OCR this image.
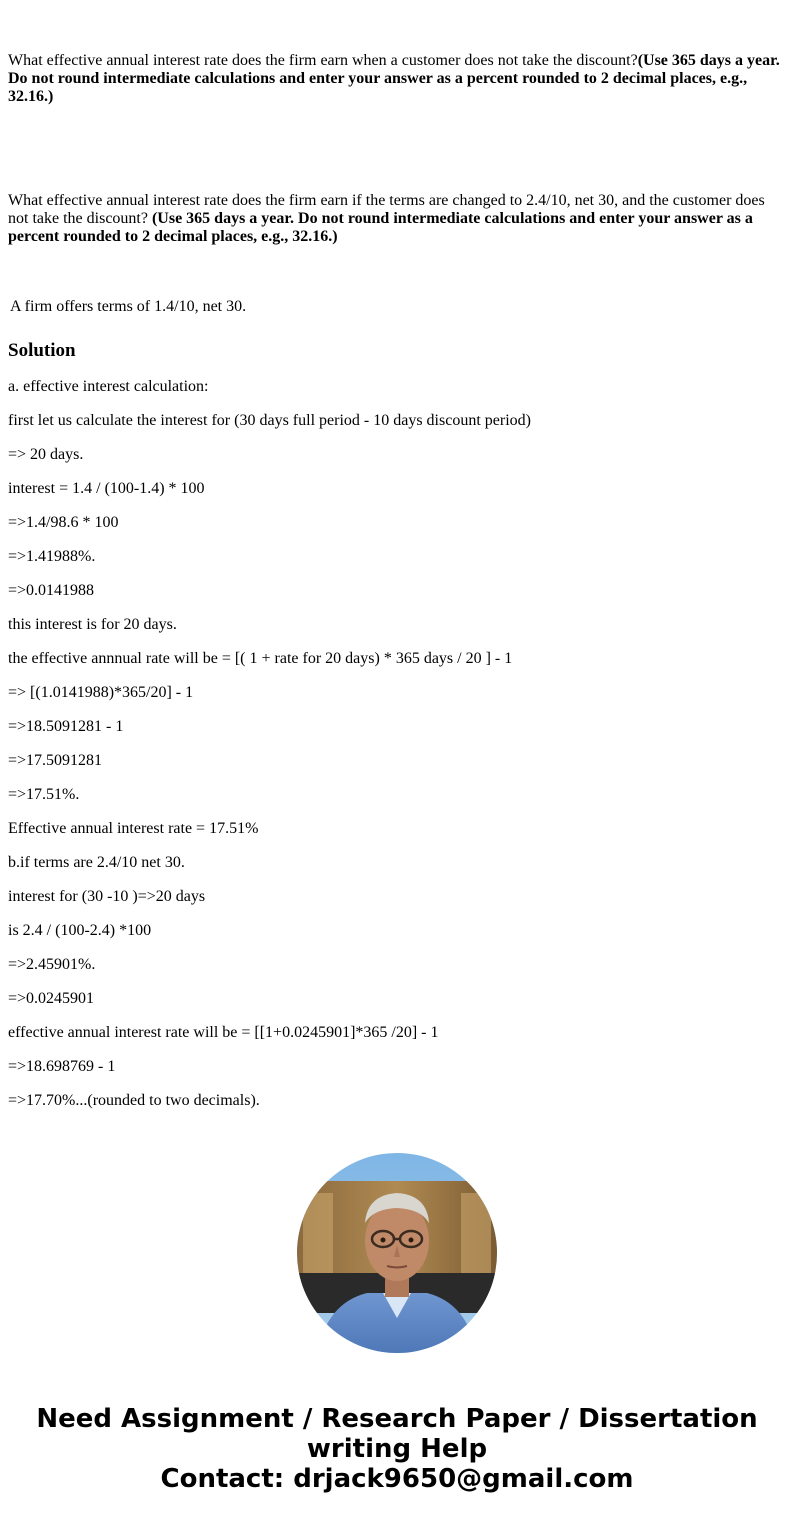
What effective annual interest rate does the firm earn when a customer does not take the discount?(Use 365 days a year. Do not round intermediate calculations and enter your answer as a percent rounded to 2 decimal places, e.g., 32.16.)

What effective annual interest rate does the firm earn if the terms are changed to 2.4/10, net 30, and the customer does not take the discount? (Use 365 days a year. Do not round intermediate calculations and enter your answer as a percent rounded to 2 decimal places, e.g., 32.16.)

A firm offers terms of 1.4/10, net 30.

Solution

a. effective interest calculation:

first let us calculate the interest for (30 days full period - 10 days discount period)

=> 20 days.

interest = 1.4 / (100-1.4) * 100

=>1.4/98.6 * 100

=>1.41988%.

=>0.0141988

this interest is for 20 days.

the effective annnual rate will be = [( 1 + rate for 20 days) * 365 days / 20 ] - 1

=> [(1.0141988)*365/20] - 1

=>18.5091281 - 1

=>17.5091281

=>17.51%.

Effective annual interest rate = 17.51%

b.if terms are 2.4/10 net 30.

interest for (30 -10 )=>20 days

is 2.4 / (100-2.4) *100

=>2.45901%.

=>0.0245901

effective annual interest rate will be = [[1+0.0245901]*365 /20] - 1

=>18.698769 - 1

=>17.70%...(rounded to two decimals).

Need Assignment / Research Paper / Dissertation
writing Help
Contact: drjack9650@gmail.com
